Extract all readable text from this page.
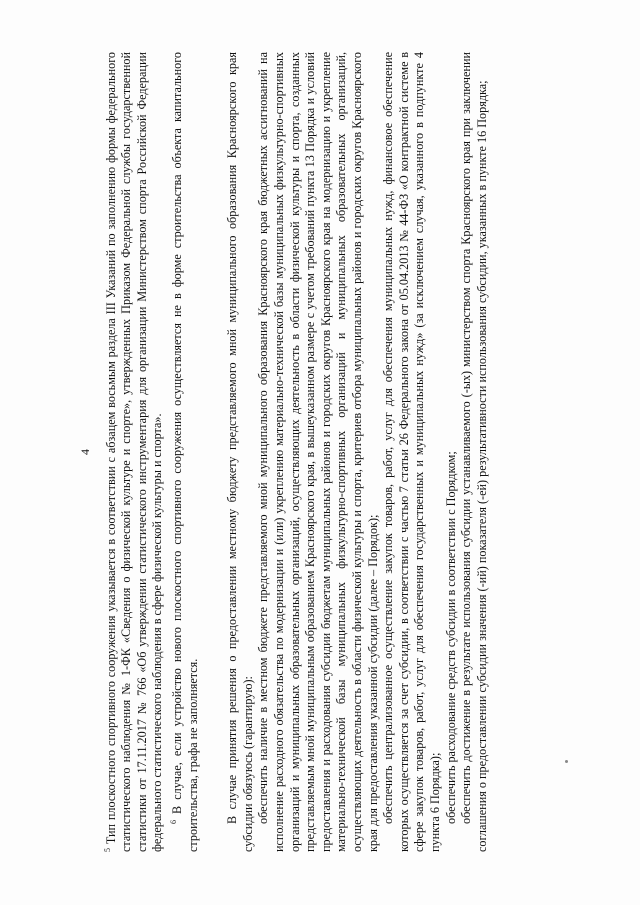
4

$^5$ Тип плоскостного спортивного сооружения указывается в соответствии с абзацем восьмым раздела III Указаний по заполнению формы федерального статистического наблюдения № 1-ФК «Сведения о физической культуре и спорте», утвержденных Приказом Федеральной службы государственной статистики от 17.11.2017 № 766 «Об утверждении статистического инструментария для организации Министерством спорта Российской Федерации федерального статистического наблюдения в сфере физической культуры и спорта». $^6$ В случае, если устройство нового плоскостного спортивного сооружения осуществляется не в форме строительства объекта капитального строительства, графа не заполняется. В случае принятия решения о предоставлении местному бюджету представляемого мной муниципального образования Красноярского края субсидии обязуюсь (гарантирую): обеспечить наличие в местном бюджете представляемого мной муниципального образования Красноярского края бюджетных ассигнований на исполнение расходного обязательства по модернизации и (или) укреплению материально-технической базы муниципальных физкультурно-спортивных организаций и муниципальных образовательных организаций, осуществляющих деятельность в области физической культуры и спорта, созданных представляемым мной муниципальным образованием Красноярского края, в вышеуказанном размере с учетом требований пункта 13 Порядка и условий предоставления и расходования субсидии бюджетам муниципальных районов и городских округов Красноярского края на модернизацию и укрепление материально-технической базы муниципальных физкультурно-спортивных организаций и муниципальных образовательных организаций, осуществляющих деятельность в области физической культуры и спорта, критериев отбора муниципальных районов и городских округов Красноярского края для предоставления указанной субсидии (далее – Порядок); обеспечить централизованное осуществление закупок товаров, работ, услуг для обеспечения муниципальных нужд, финансовое обеспечение которых осуществляется за счет субсидии, в соответствии с частью 7 статьи 26 Федерального закона от 05.04.2013 № 44-ФЗ «О контрактной системе в сфере закупок товаров, работ, услуг для обеспечения государственных и муниципальных нужд» (за исключением случая, указанного в подпункте 4 пункта 6 Порядка); обеспечить расходование средств субсидии в соответствии с Порядком; обеспечить достижение в результате использования субсидии устанавливаемого (-ых) министерством спорта Красноярского края при заключении соглашения о предоставлении субсидии значения (-ий) показателя (-ей) результативности использования субсидии, указанных в пункте 16 Порядка;
